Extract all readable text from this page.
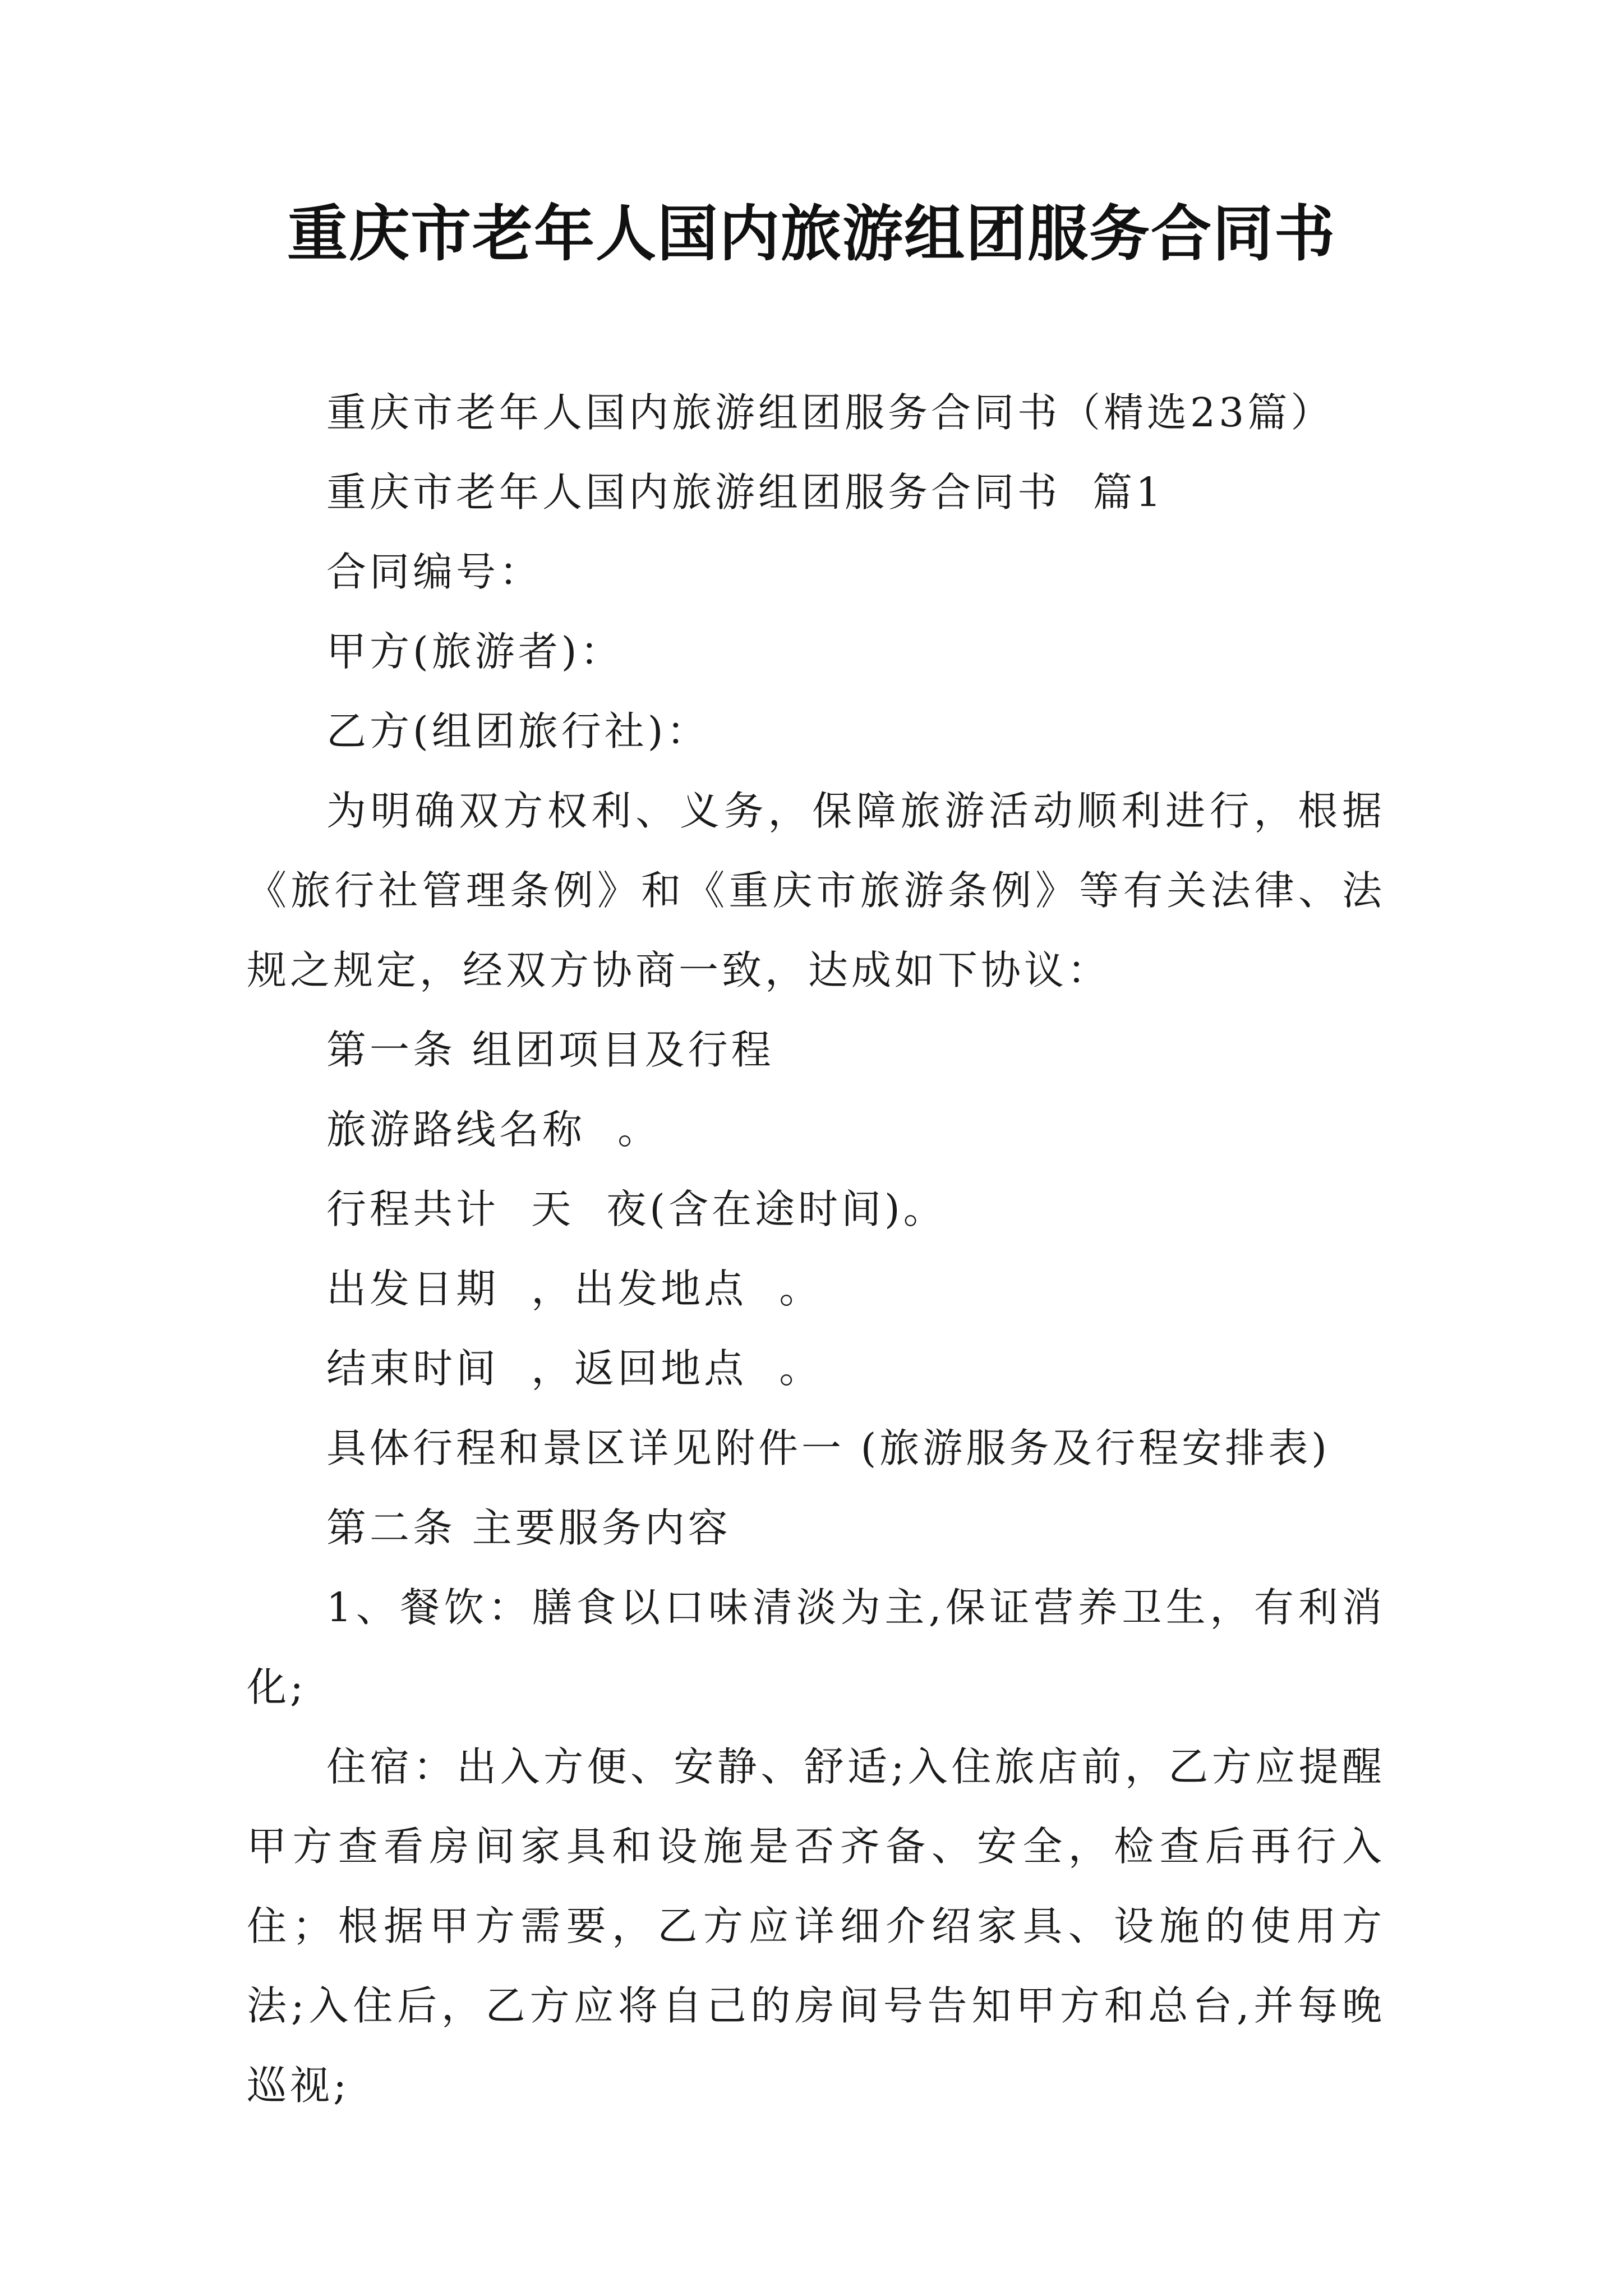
重庆市老年人国内旅游组团服务合同书

重庆市老年人国内旅游组团服务合同书（精选23篇）

重庆市老年人国内旅游组团服务合同书  篇1

合同编号：

甲方(旅游者)：

乙方(组团旅行社)：

为明确双方权利、义务，保障旅游活动顺利进行，根据《旅行社管理条例》和《重庆市旅游条例》等有关法律、法规之规定，经双方协商一致，达成如下协议：

第一条 组团项目及行程

旅游路线名称  。

行程共计  天  夜(含在途时间)。

出发日期  ，出发地点  。

结束时间  ，返回地点  。

具体行程和景区详见附件一 (旅游服务及行程安排表)

第二条 主要服务内容

1、餐饮：膳食以口味清淡为主,保证营养卫生，有利消化;

住宿：出入方便、安静、舒适;入住旅店前，乙方应提醒甲方查看房间家具和设施是否齐备、安全，检查后再行入住；根据甲方需要，乙方应详细介绍家具、设施的使用方法;入住后，乙方应将自己的房间号告知甲方和总台,并每晚巡视;
